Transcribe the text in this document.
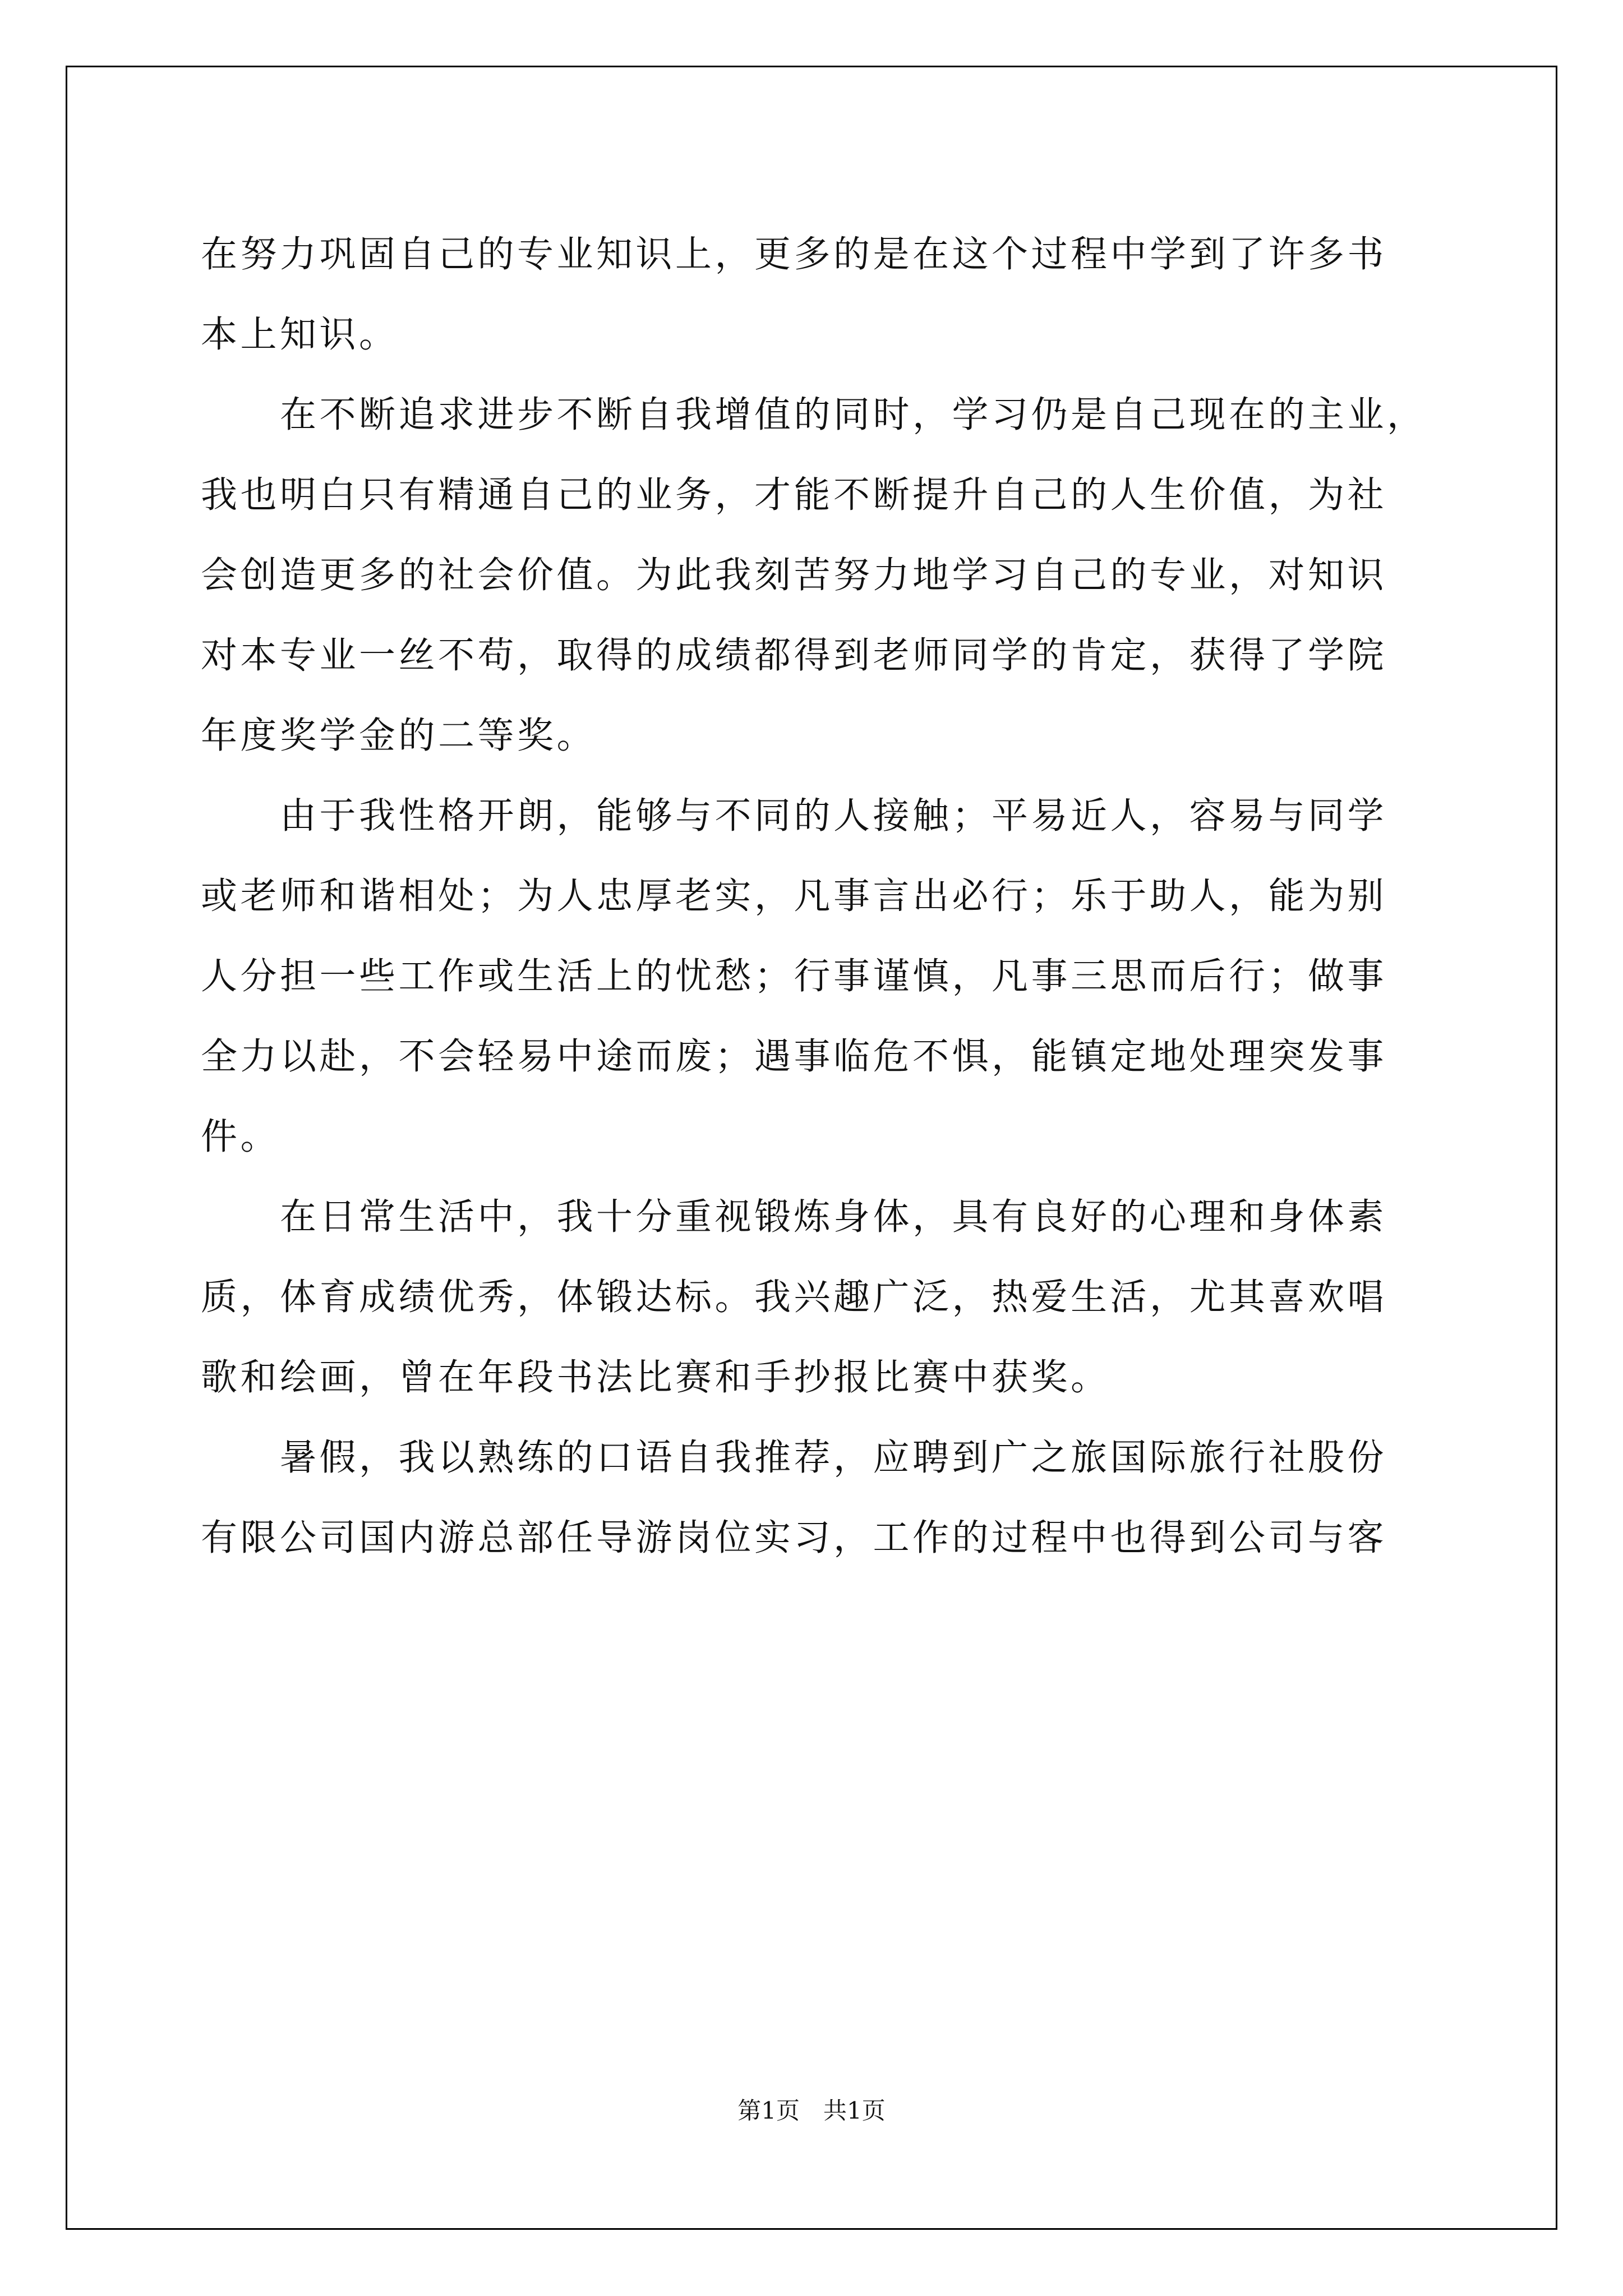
在努力巩固自己的专业知识上，更多的是在这个过程中学到了许多书
本上知识。
　　在不断追求进步不断自我增值的同时，学习仍是自己现在的主业，
我也明白只有精通自己的业务，才能不断提升自己的人生价值，为社
会创造更多的社会价值。为此我刻苦努力地学习自己的专业，对知识
对本专业一丝不苟，取得的成绩都得到老师同学的肯定，获得了学院
年度奖学金的二等奖。
　　由于我性格开朗，能够与不同的人接触；平易近人，容易与同学
或老师和谐相处；为人忠厚老实，凡事言出必行；乐于助人，能为别
人分担一些工作或生活上的忧愁；行事谨慎，凡事三思而后行；做事
全力以赴，不会轻易中途而废；遇事临危不惧，能镇定地处理突发事
件。
　　在日常生活中，我十分重视锻炼身体，具有良好的心理和身体素
质，体育成绩优秀，体锻达标。我兴趣广泛，热爱生活，尤其喜欢唱
歌和绘画，曾在年段书法比赛和手抄报比赛中获奖。
　　暑假，我以熟练的口语自我推荐，应聘到广之旅国际旅行社股份
有限公司国内游总部任导游岗位实习，工作的过程中也得到公司与客
第1页　共1页
